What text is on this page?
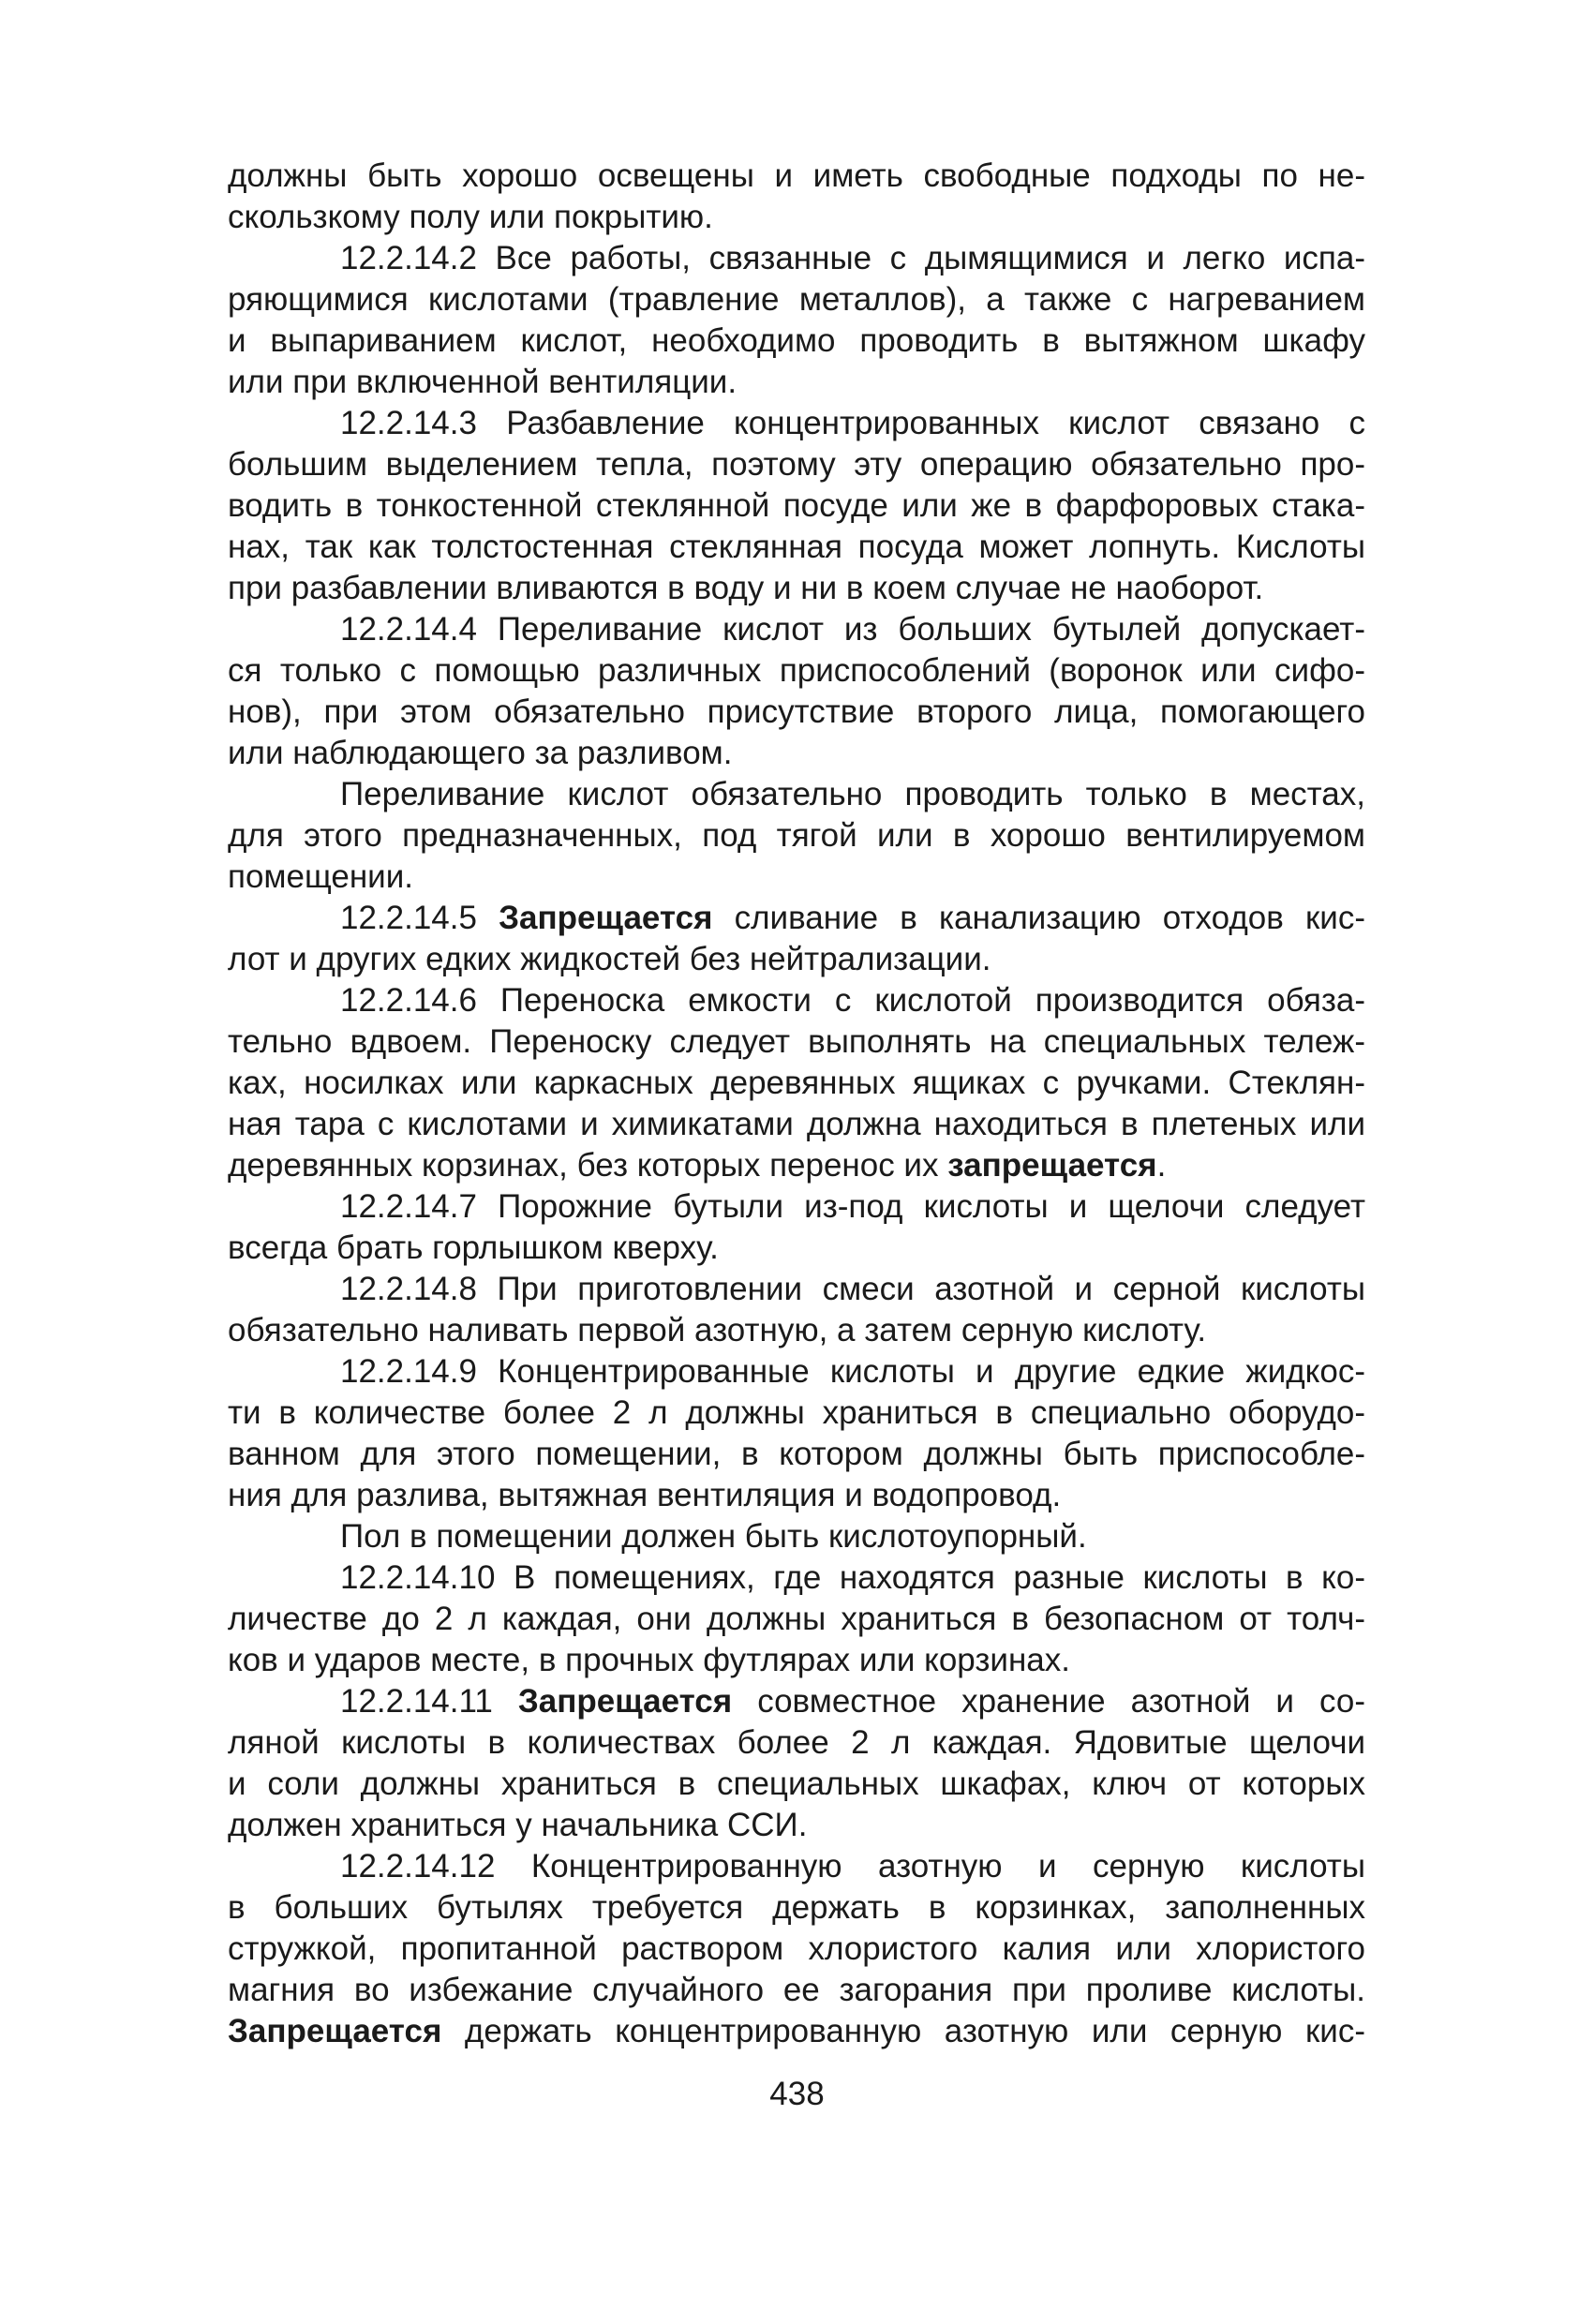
должны быть хорошо освещены и иметь свободные подходы по не-
скользкому полу или покрытию.
12.2.14.2 Все работы, связанные с дымящимися и легко испа-
ряющимися кислотами (травление металлов), а также с нагреванием
и выпариванием кислот, необходимо проводить в вытяжном шкафу
или при включенной вентиляции.
12.2.14.3 Разбавление концентрированных кислот связано с
большим выделением тепла, поэтому эту операцию обязательно про-
водить в тонкостенной стеклянной посуде или же в фарфоровых стака-
нах, так как толстостенная стеклянная посуда может лопнуть. Кислоты
при разбавлении вливаются в воду и ни в коем случае не наоборот.
12.2.14.4 Переливание кислот из больших бутылей допускает-
ся только с помощью различных приспособлений (воронок или сифо-
нов), при этом обязательно присутствие второго лица, помогающего
или наблюдающего за разливом.
Переливание кислот обязательно проводить только в местах,
для этого предназначенных, под тягой или в хорошо вентилируемом
помещении.
12.2.14.5 Запрещается сливание в канализацию отходов кис-
лот и других едких жидкостей без нейтрализации.
12.2.14.6 Переноска емкости с кислотой производится обяза-
тельно вдвоем. Переноску следует выполнять на специальных тележ-
ках, носилках или каркасных деревянных ящиках с ручками. Стеклян-
ная тара с кислотами и химикатами должна находиться в плетеных или
деревянных корзинах, без которых перенос их запрещается.
12.2.14.7 Порожние бутыли из-под кислоты и щелочи следует
всегда брать горлышком кверху.
12.2.14.8 При приготовлении смеси азотной и серной кислоты
обязательно наливать первой азотную, а затем серную кислоту.
12.2.14.9 Концентрированные кислоты и другие едкие жидкос-
ти в количестве более 2 л должны храниться в специально оборудо-
ванном для этого помещении, в котором должны быть приспособле-
ния для разлива, вытяжная вентиляция и водопровод.
Пол в помещении должен быть кислотоупорный.
12.2.14.10 В помещениях, где находятся разные кислоты в ко-
личестве до 2 л каждая, они должны храниться в безопасном от толч-
ков и ударов месте, в прочных футлярах или корзинах.
12.2.14.11 Запрещается совместное хранение азотной и со-
ляной кислоты в количествах более 2 л каждая. Ядовитые щелочи
и соли должны храниться в специальных шкафах, ключ от которых
должен храниться у начальника ССИ.
12.2.14.12 Концентрированную азотную и серную кислоты
в больших бутылях требуется держать в корзинках, заполненных
стружкой, пропитанной раствором хлористого калия или хлористого
магния во избежание случайного ее загорания при проливе кислоты.
Запрещается держать концентрированную азотную или серную кис-
438
